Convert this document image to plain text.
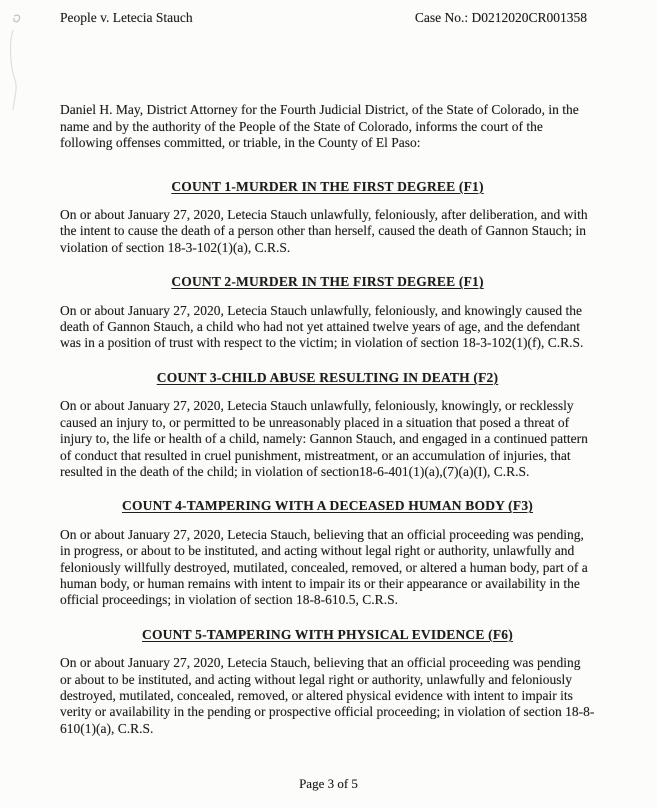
People v. Letecia Stauch	Case No.: D0212020CR001358

Daniel H. May, District Attorney for the Fourth Judicial District, of the State of Colorado, in the name and by the authority of the People of the State of Colorado, informs the court of the following offenses committed, or triable, in the County of El Paso:

COUNT 1-MURDER IN THE FIRST DEGREE (F1)

On or about January 27, 2020, Letecia Stauch unlawfully, feloniously, after deliberation, and with the intent to cause the death of a person other than herself, caused the death of Gannon Stauch; in violation of section 18-3-102(1)(a), C.R.S.

COUNT 2-MURDER IN THE FIRST DEGREE (F1)

On or about January 27, 2020, Letecia Stauch unlawfully, feloniously, and knowingly caused the death of Gannon Stauch, a child who had not yet attained twelve years of age, and the defendant was in a position of trust with respect to the victim; in violation of section 18-3-102(1)(f), C.R.S.

COUNT 3-CHILD ABUSE RESULTING IN DEATH (F2)

On or about January 27, 2020, Letecia Stauch unlawfully, feloniously, knowingly, or recklessly caused an injury to, or permitted to be unreasonably placed in a situation that posed a threat of injury to, the life or health of a child, namely: Gannon Stauch, and engaged in a continued pattern of conduct that resulted in cruel punishment, mistreatment, or an accumulation of injuries, that resulted in the death of the child; in violation of section18-6-401(1)(a),(7)(a)(I), C.R.S.

COUNT 4-TAMPERING WITH A DECEASED HUMAN BODY (F3)

On or about January 27, 2020, Letecia Stauch, believing that an official proceeding was pending, in progress, or about to be instituted, and acting without legal right or authority, unlawfully and feloniously willfully destroyed, mutilated, concealed, removed, or altered a human body, part of a human body, or human remains with intent to impair its or their appearance or availability in the official proceedings; in violation of section 18-8-610.5, C.R.S.

COUNT 5-TAMPERING WITH PHYSICAL EVIDENCE (F6)

On or about January 27, 2020, Letecia Stauch, believing that an official proceeding was pending or about to be instituted, and acting without legal right or authority, unlawfully and feloniously destroyed, mutilated, concealed, removed, or altered physical evidence with intent to impair its verity or availability in the pending or prospective official proceeding; in violation of section 18-8-610(1)(a), C.R.S.

Page 3 of 5
